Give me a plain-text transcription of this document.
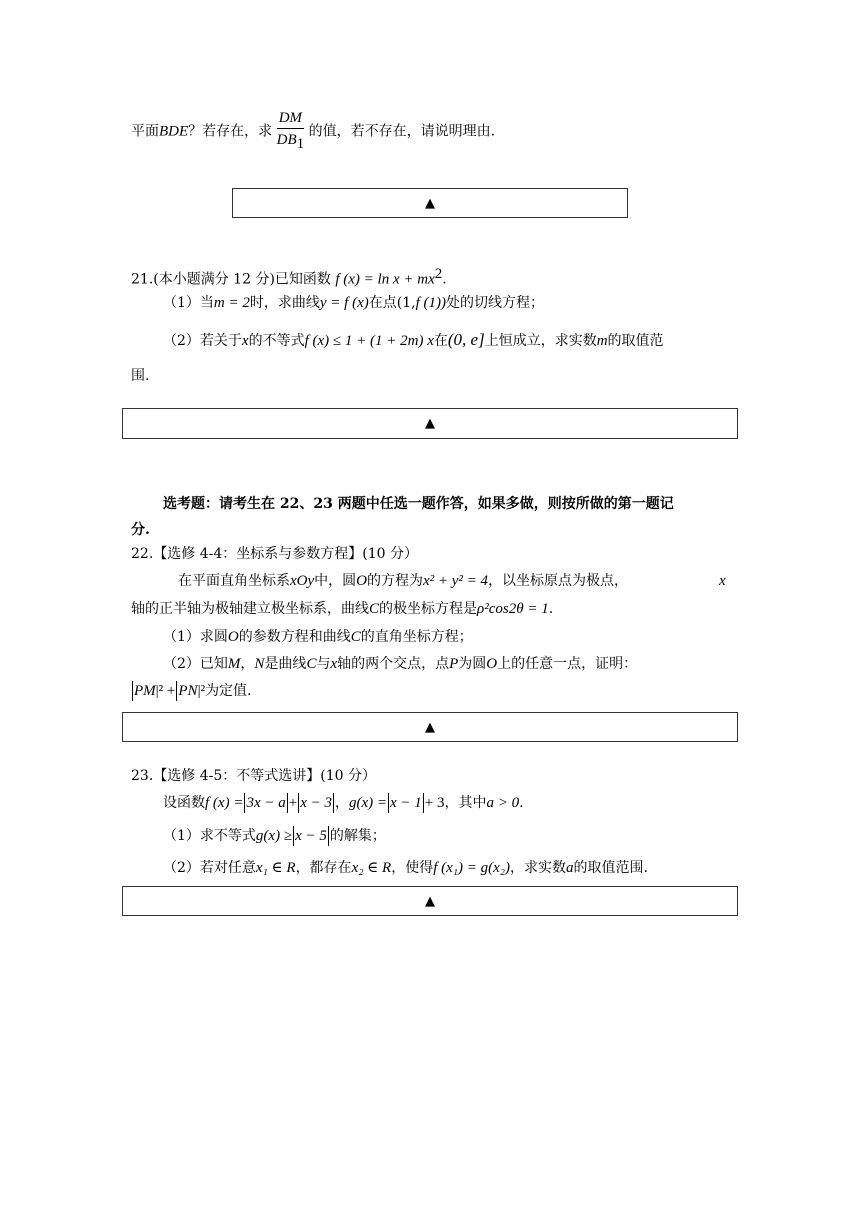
平面BDE？若存在，求 $\frac{DM}{DB_1}$ 的值，若不存在，请说明理由.
▲
21.(本小题满分 12 分)已知函数 f $(x) = \ln x + mx^2$.
（1）当m = 2时，求曲线y = f (x)在点(1,f (1))处的切线方程；
（2）若关于x的不等式f (x) ≤ 1 + (1 + 2m) x在(0, e]上恒成立，求实数m的取值范
围.
▲
选考题：请考生在 22、23 两题中任选一题作答，如果多做，则按所做的第一题记
分.
22.【选修 4-4：坐标系与参数方程】(10 分）
在平面直角坐标系xOy中，圆O的方程为x² + y² = 4，以坐标原点为极点，	x
轴的正半轴为极轴建立极坐标系，曲线C的极坐标方程是ρ²cos2θ = 1.
（1）求圆O的参数方程和曲线C的直角坐标方程；
（2）已知M，N是曲线C与x轴的两个交点，点P为圆O上的任意一点，证明：
PM|² + PN|²为定值.
▲
23.【选修 4-5：不等式选讲】(10 分）
设函数f (x) = 3x − a + x − 3 ，g(x) = x − 1 + 3，其中a > 0.
（1）求不等式g(x) ≥ x − 5 的解集；
（2）若对任意x₁ ∈ R，都存在x₂ ∈ R，使得f (x₁) = g(x₂)，求实数a的取值范围.
▲
